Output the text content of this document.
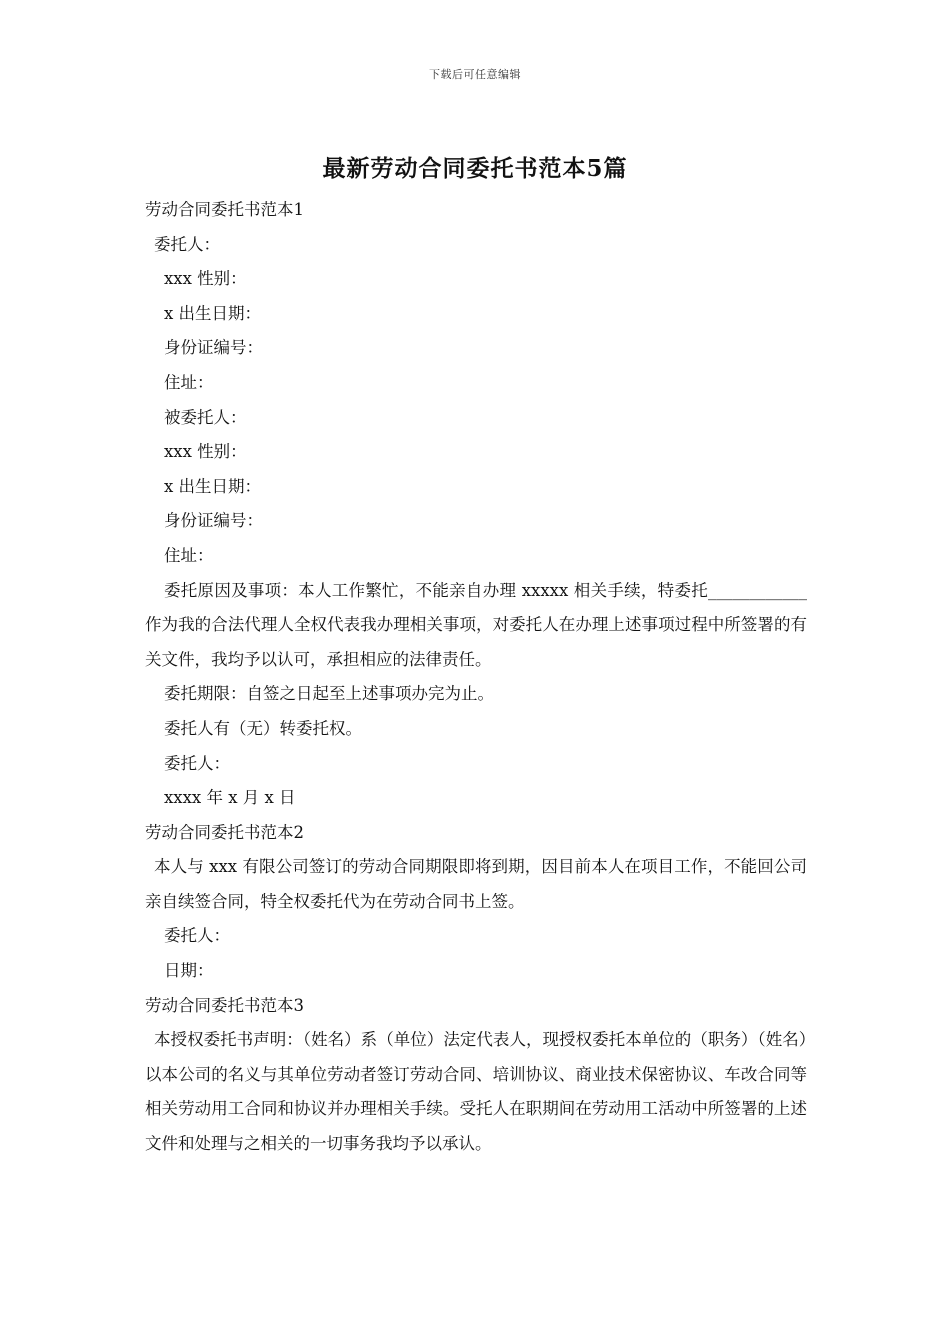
下载后可任意编辑
最新劳动合同委托书范本5篇
劳动合同委托书范本1
委托人：
xxx 性别：
x 出生日期：
身份证编号：
住址：
被委托人：
xxx 性别：
x 出生日期：
身份证编号：
住址：
委托原因及事项：本人工作繁忙，不能亲自办理 xxxxx 相关手续，特委托____________作为我的合法代理人全权代表我办理相关事项，对委托人在办理上述事项过程中所签署的有关文件，我均予以认可，承担相应的法律责任。
委托期限：自签之日起至上述事项办完为止。
委托人有（无）转委托权。
委托人：
xxxx 年 x 月 x 日
劳动合同委托书范本2
本人与 xxx 有限公司签订的劳动合同期限即将到期，因目前本人在项目工作，不能回公司亲自续签合同，特全权委托代为在劳动合同书上签。
委托人：
日期：
劳动合同委托书范本3
本授权委托书声明：（姓名）系（单位）法定代表人，现授权委托本单位的（职务）（姓名）以本公司的名义与其单位劳动者签订劳动合同、培训协议、商业技术保密协议、车改合同等相关劳动用工合同和协议并办理相关手续。受托人在职期间在劳动用工活动中所签署的上述文件和处理与之相关的一切事务我均予以承认。
